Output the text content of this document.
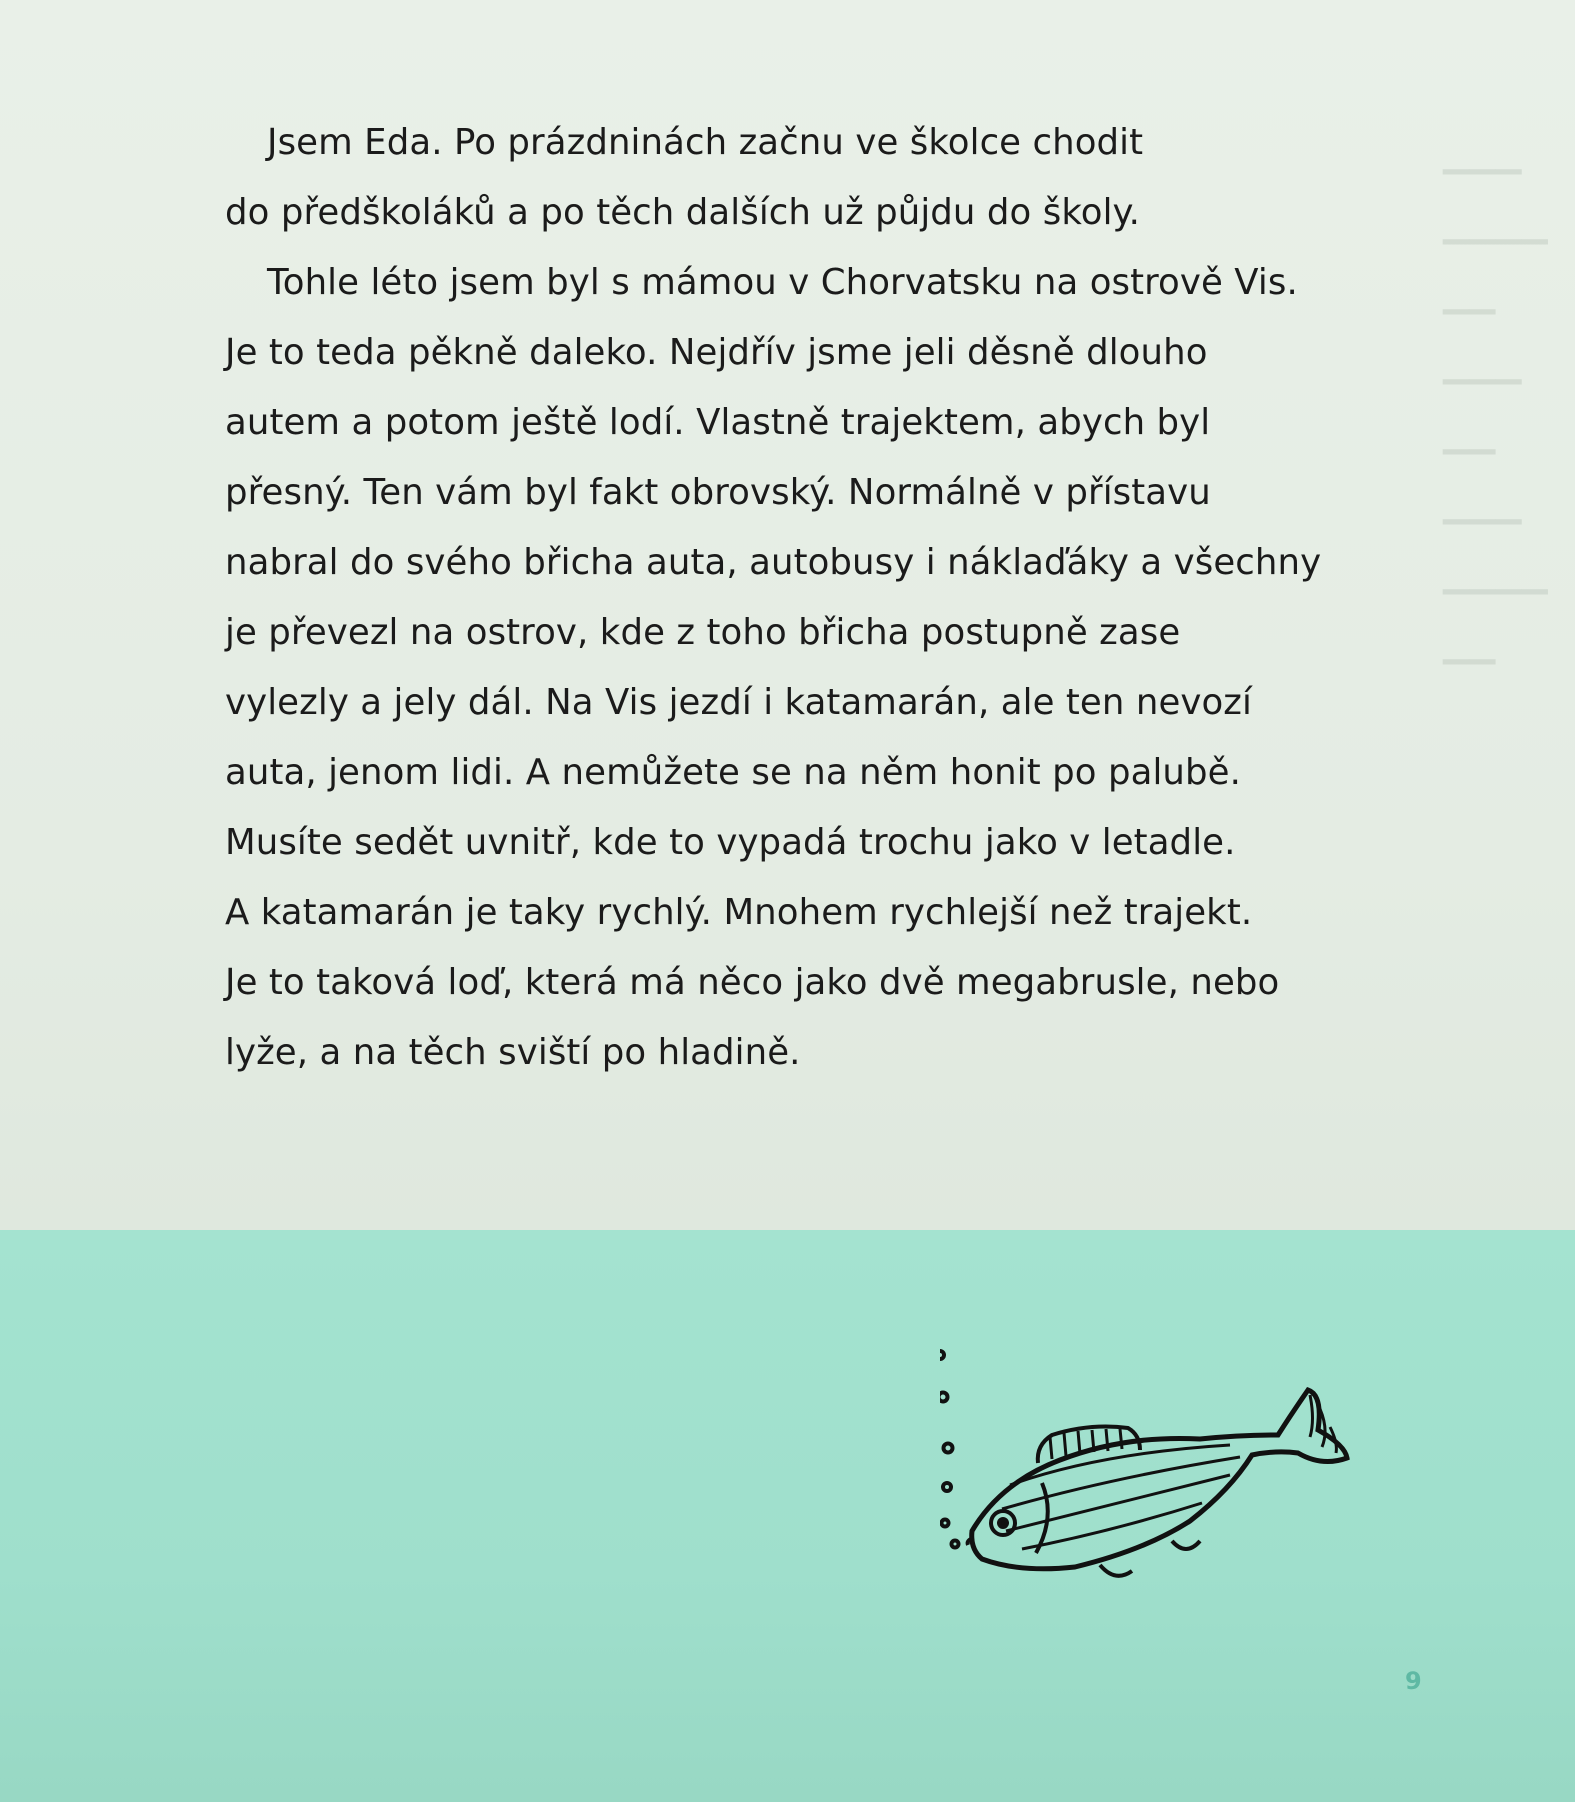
▁▁▁
▁▁▁▁
▁▁
▁▁▁
▁▁
▁▁▁
▁▁▁▁
▁▁

Jsem Eda. Po prázdninách začnu ve školce chodit
do předškoláků a po těch dalších už půjdu do školy.

Tohle léto jsem byl s mámou v Chorvatsku na ostrově Vis.
Je to teda pěkně daleko. Nejdřív jsme jeli děsně dlouho
autem a potom ještě lodí. Vlastně trajektem, abych byl
přesný. Ten vám byl fakt obrovský. Normálně v přístavu
nabral do svého břicha auta, autobusy i náklaďáky a všechny
je převezl na ostrov, kde z toho břicha postupně zase
vylezly a jely dál. Na Vis jezdí i katamarán, ale ten nevozí
auta, jenom lidi. A nemůžete se na něm honit po palubě.
Musíte sedět uvnitř, kde to vypadá trochu jako v letadle.
A katamarán je taky rychlý. Mnohem rychlejší než trajekt.
Je to taková loď, která má něco jako dvě megabrusle, nebo
lyže, a na těch sviští po hladině.

9
